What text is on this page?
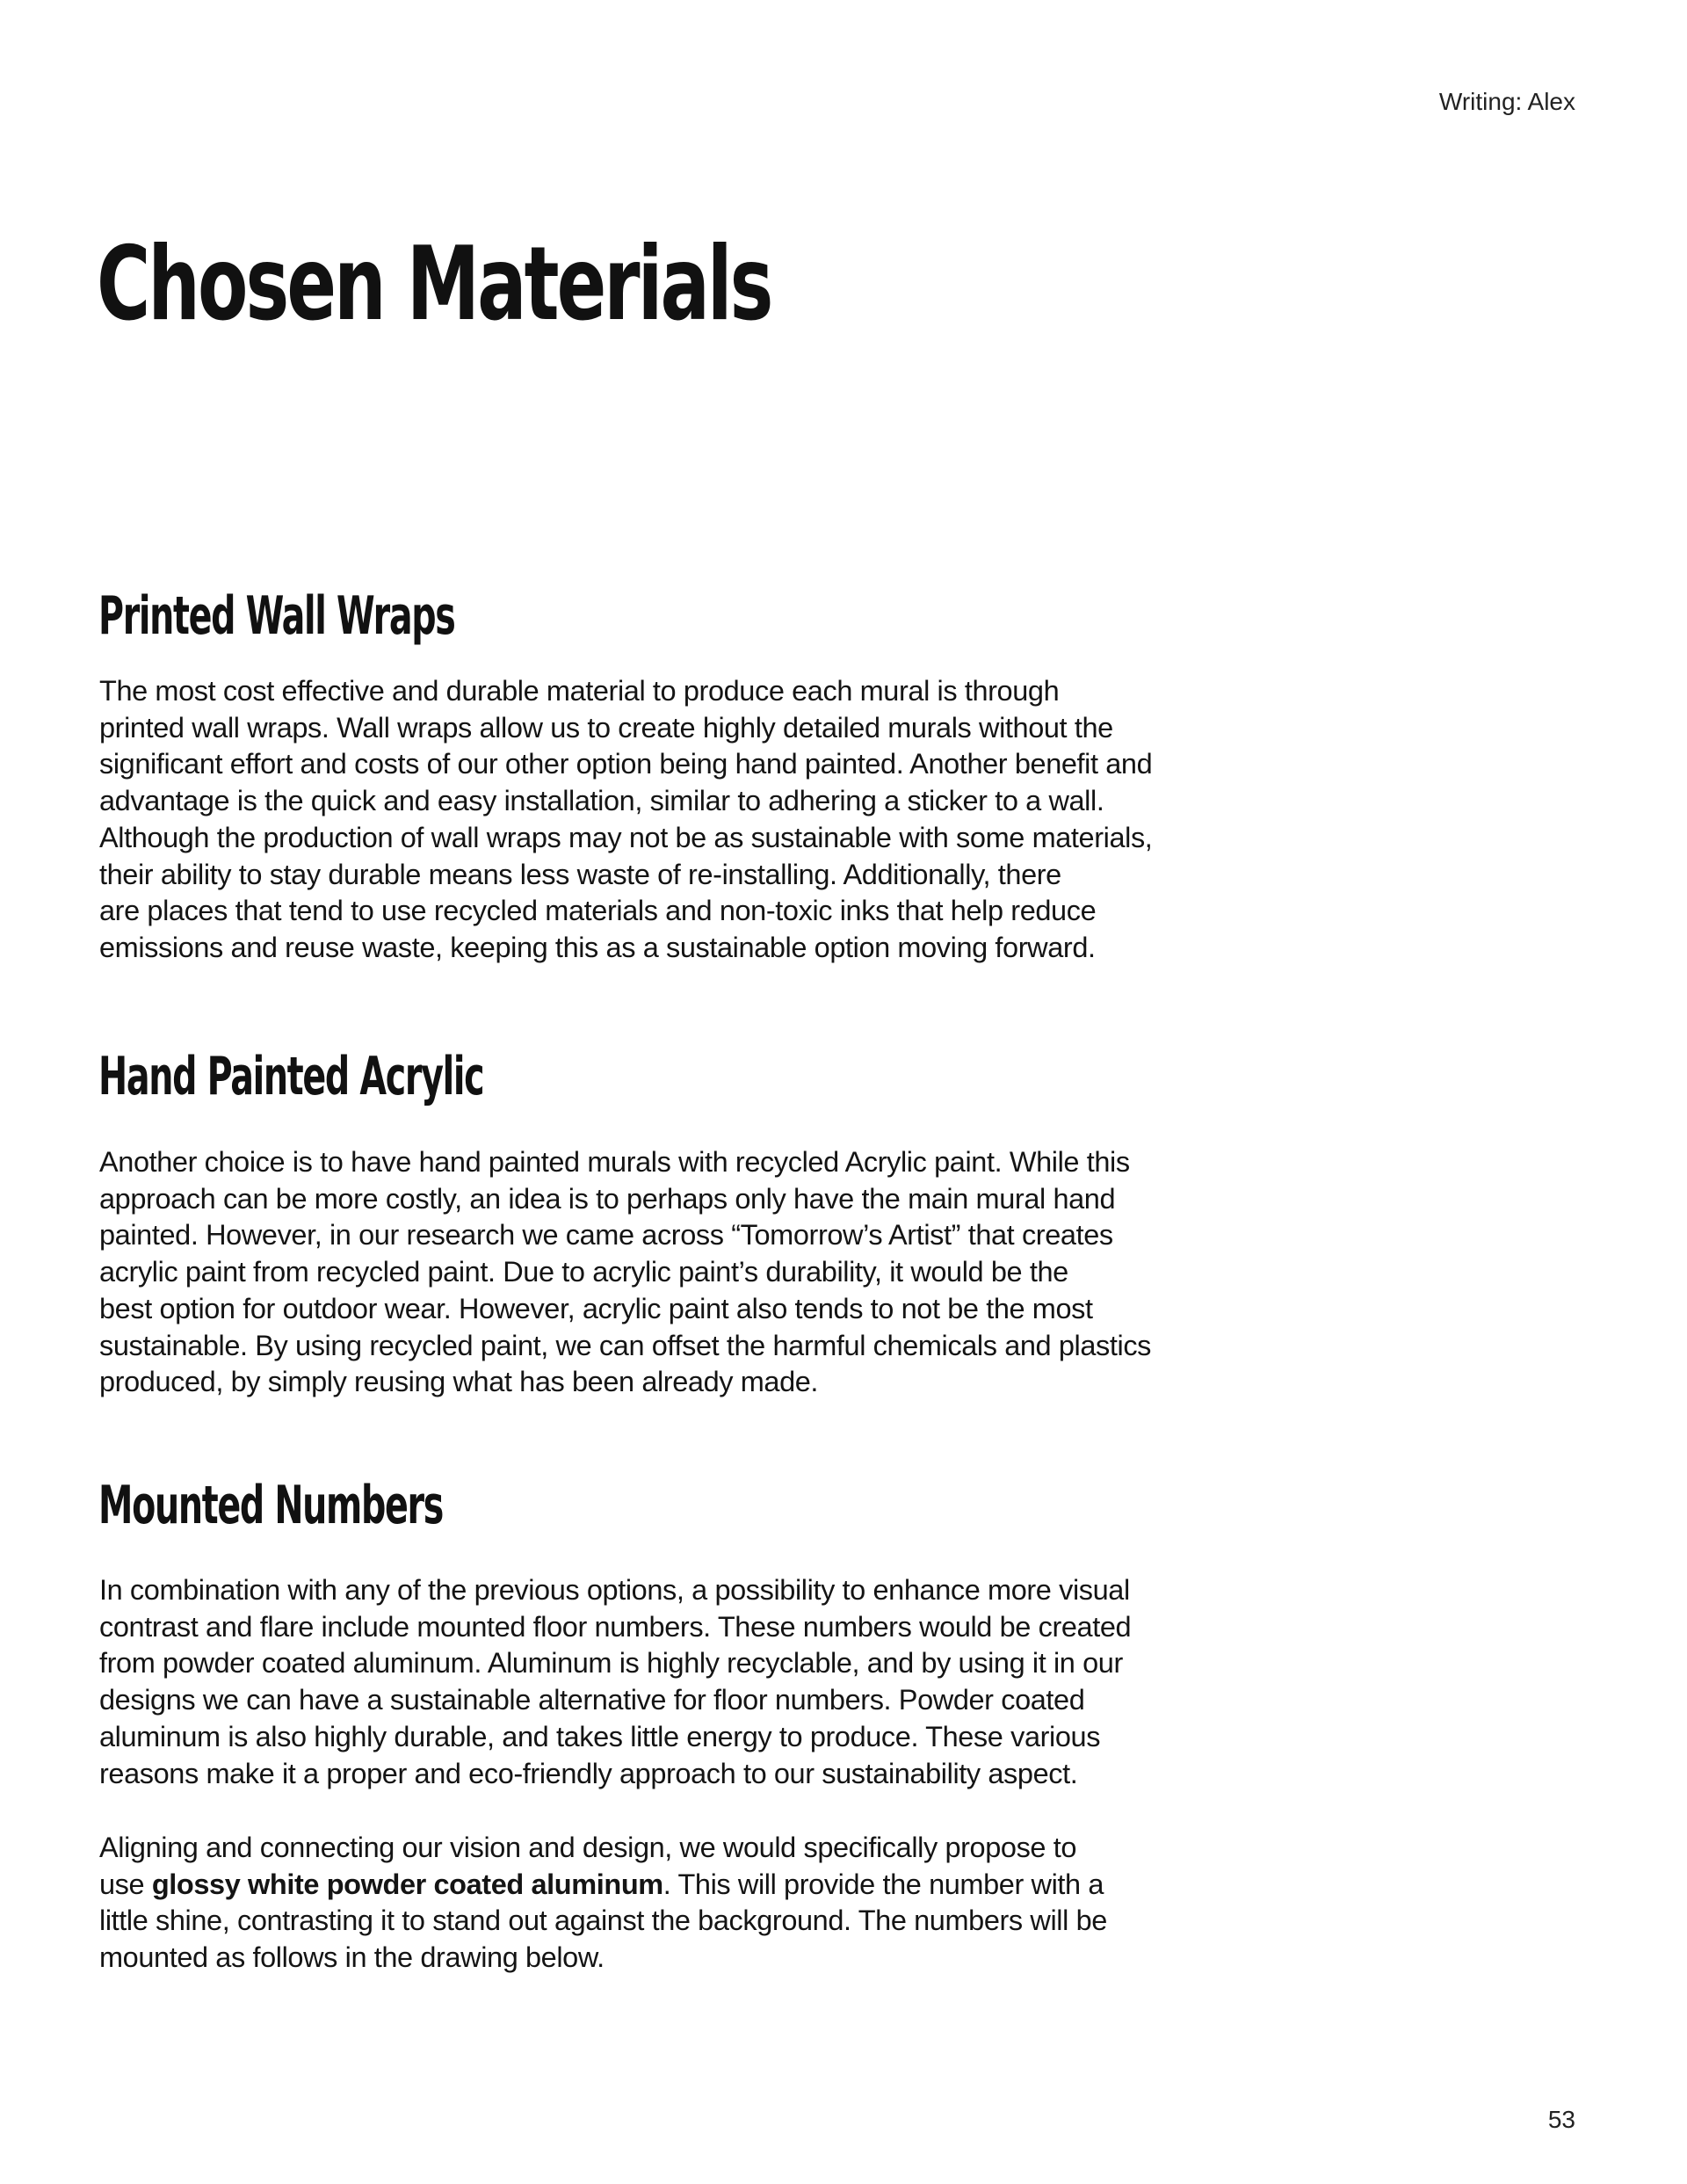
Writing: Alex
Chosen Materials
Printed Wall Wraps
The most cost effective and durable material to produce each mural is through
printed wall wraps. Wall wraps allow us to create highly detailed murals without the
significant effort and costs of our other option being hand painted. Another benefit and
advantage is the quick and easy installation, similar to adhering a sticker to a wall.
Although the production of wall wraps may not be as sustainable with some materials,
their ability to stay durable means less waste of re-installing. Additionally, there
are places that tend to use recycled materials and non-toxic inks that help reduce
emissions and reuse waste, keeping this as a sustainable option moving forward.
Hand Painted Acrylic
Another choice is to have hand painted murals with recycled Acrylic paint. While this
approach can be more costly, an idea is to perhaps only have the main mural hand
painted. However, in our research we came across “Tomorrow’s Artist” that creates
acrylic paint from recycled paint. Due to acrylic paint’s durability, it would be the
best option for outdoor wear. However, acrylic paint also tends to not be the most
sustainable. By using recycled paint, we can offset the harmful chemicals and plastics
produced, by simply reusing what has been already made.
Mounted Numbers
In combination with any of the previous options, a possibility to enhance more visual
contrast and flare include mounted floor numbers. These numbers would be created
from powder coated aluminum. Aluminum is highly recyclable, and by using it in our
designs we can have a sustainable alternative for floor numbers. Powder coated
aluminum is also highly durable, and takes little energy to produce. These various
reasons make it a proper and eco-friendly approach to our sustainability aspect.
Aligning and connecting our vision and design, we would specifically propose to
use glossy white powder coated aluminum. This will provide the number with a
little shine, contrasting it to stand out against the background. The numbers will be
mounted as follows in the drawing below.
53
